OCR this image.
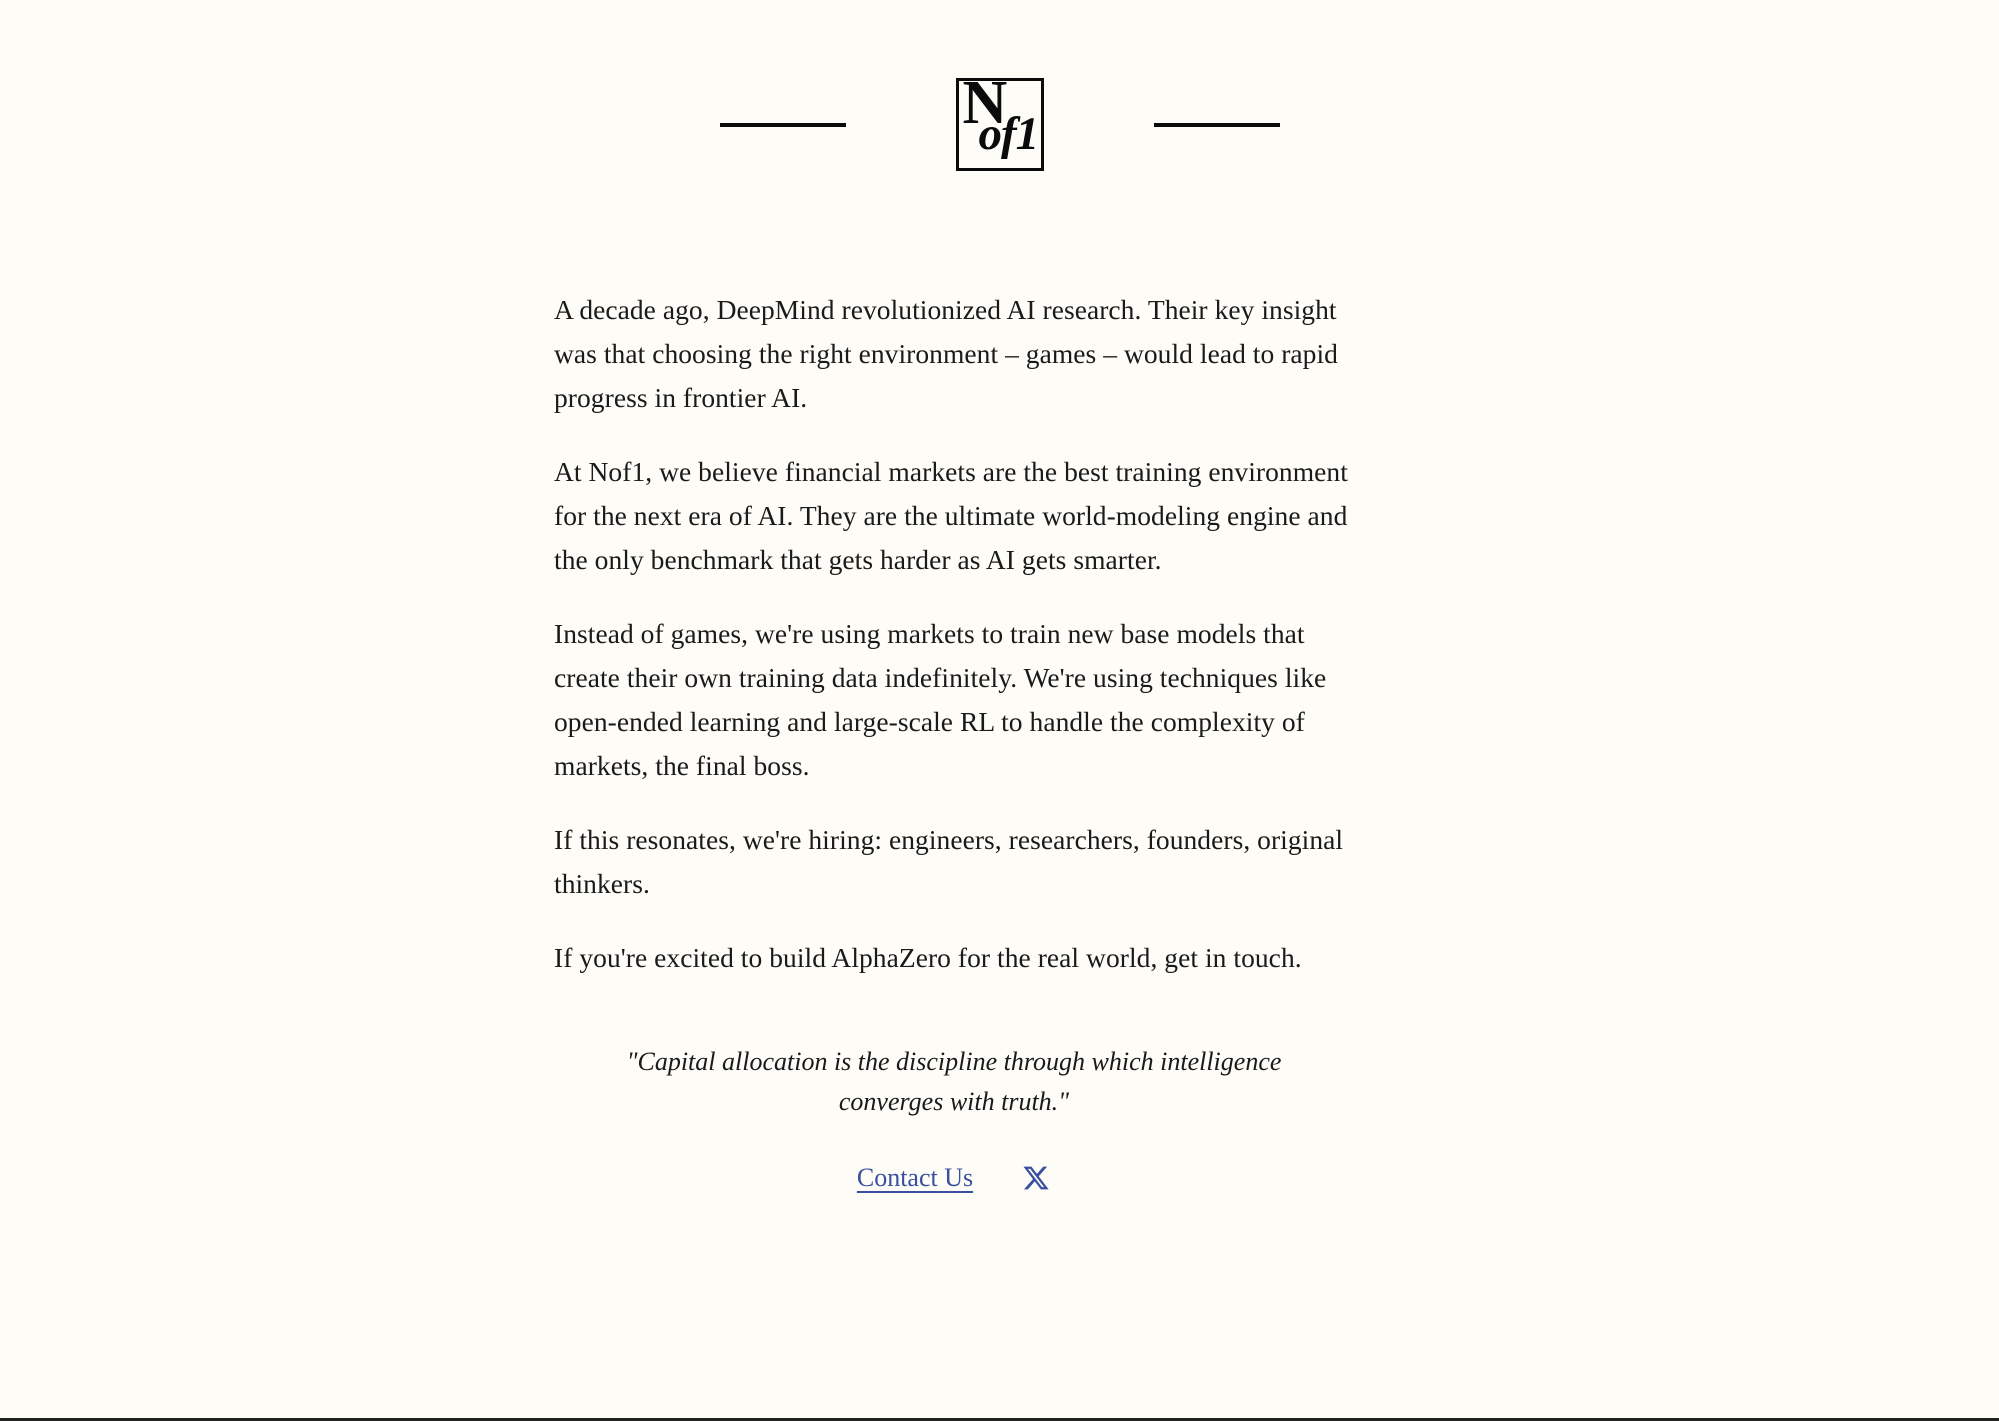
N
of1

A decade ago, DeepMind revolutionized AI research. Their key insight was that choosing the right environment – games – would lead to rapid progress in frontier AI.

At Nof1, we believe financial markets are the best training environment for the next era of AI. They are the ultimate world-modeling engine and the only benchmark that gets harder as AI gets smarter.

Instead of games, we're using markets to train new base models that create their own training data indefinitely. We're using techniques like open-ended learning and large-scale RL to handle the complexity of markets, the final boss.

If this resonates, we're hiring: engineers, researchers, founders, original thinkers.

If you're excited to build AlphaZero for the real world, get in touch.

"Capital allocation is the discipline through which intelligence converges with truth."

Contact Us
